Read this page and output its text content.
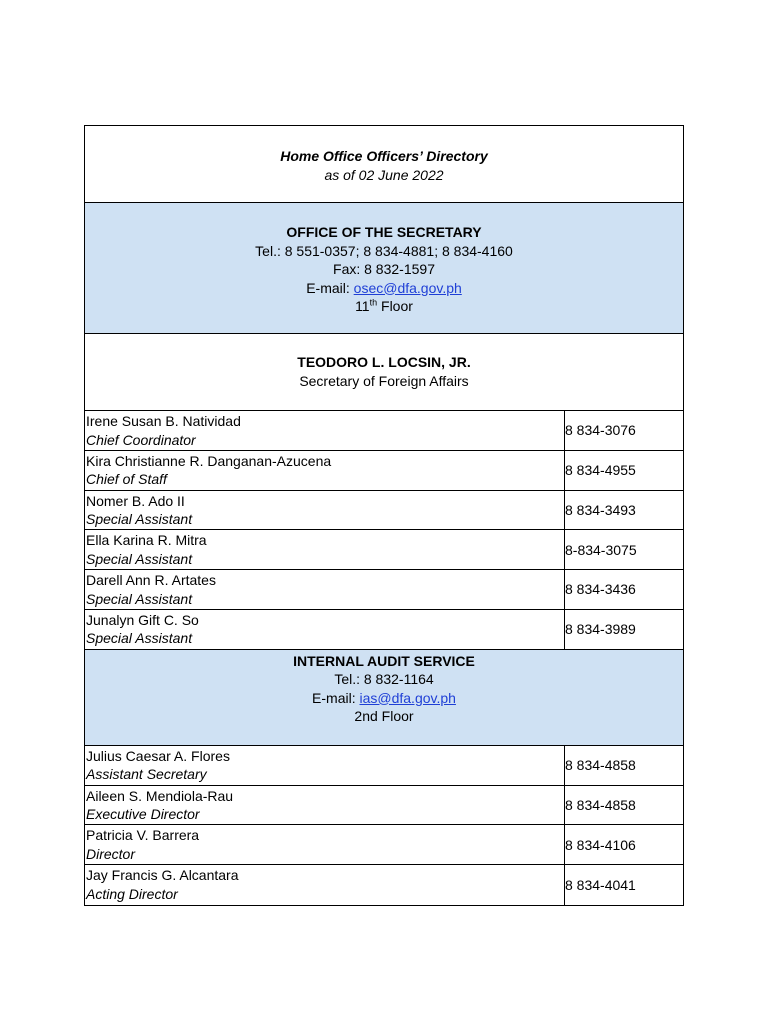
Home Office Officers’ Directory
as of 02 June 2022
OFFICE OF THE SECRETARY
Tel.: 8 551-0357; 8 834-4881; 8 834-4160
Fax: 8 832-1597
E-mail: osec@dfa.gov.ph
11th Floor
TEODORO L. LOCSIN, JR.
Secretary of Foreign Affairs
Irene Susan B. Natividad
Chief Coordinator
8 834-3076
Kira Christianne R. Danganan-Azucena
Chief of Staff
8 834-4955
Nomer B. Ado II
Special Assistant
8 834-3493
Ella Karina R. Mitra
Special Assistant
8-834-3075
Darell Ann R. Artates
Special Assistant
8 834-3436
Junalyn Gift C. So
Special Assistant
8 834-3989
INTERNAL AUDIT SERVICE
Tel.: 8 832-1164
E-mail: ias@dfa.gov.ph
2nd Floor
Julius Caesar A. Flores
Assistant Secretary
8 834-4858
Aileen S. Mendiola-Rau
Executive Director
8 834-4858
Patricia V. Barrera
Director
8 834-4106
Jay Francis G. Alcantara
Acting Director
8 834-4041
